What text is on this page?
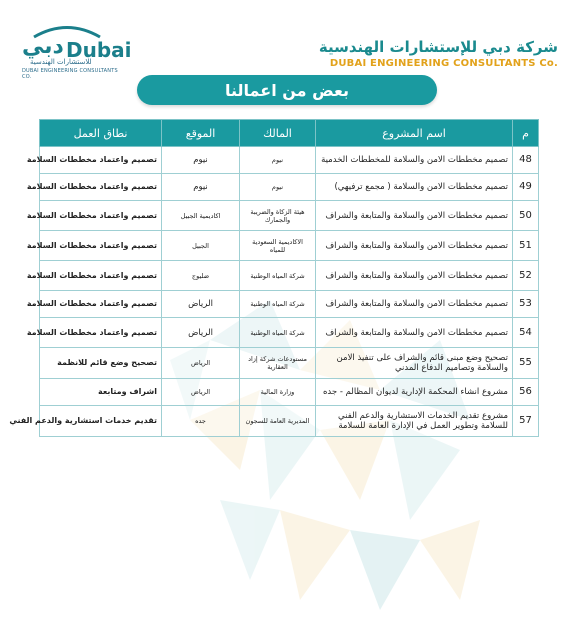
دبي Dubai
للاستشارات الهندسية
DUBAI ENGINEERING CONSULTANTS CO.
شركة دبي للإستشارات الهندسية
DUBAI ENGINEERING CONSULTANTS Co.
بعض من اعمالنا
م	اسم المشروع	المالك	الموقع	نطاق العمل
48	تصميم مخططات الامن والسلامة للمخططات الخدمية	نيوم	نيوم	تصميم واعتماد مخططات السلامة
49	تصميم مخططات الامن والسلامة ( مجمع ترفيهي)	نيوم	نيوم	تصميم واعتماد مخططات السلامة
50	تصميم مخططات الامن والسلامة والمتابعة والشراف	هيئة الزكاة والضريبة والجمارك	اكاديمية الجبيل	تصميم واعتماد مخططات السلامة
51	تصميم مخططات الامن والسلامة والمتابعة والشراف	الاكاديمية السعودية للمياه	الجبيل	تصميم واعتماد مخططات السلامة
52	تصميم مخططات الامن والسلامة والمتابعة والشراف	شركة المياه الوطنية	ضليوج	تصميم واعتماد مخططات السلامة
53	تصميم مخططات الامن والسلامة والمتابعة والشراف	شركة المياه الوطنية	الرياض	تصميم واعتماد مخططات السلامة
54	تصميم مخططات الامن والسلامة والمتابعة والشراف	شركة المياه الوطنية	الرياض	تصميم واعتماد مخططات السلامة
55	تصحيح وضع مبنى قائم والشراف على تنفيذ الامن والسلامة وتصاميم الدفاع المدني	مستودعات شركة إزاد العقارية	الرياض	تصحيح وضع قائم للانظمة
56	مشروع انشاء المحكمة الإدارية لديوان المظالم - جده	وزارة المالية	الرياض	اشراف ومتابعة
57	مشروع تقديم الخدمات الاستشارية والدعم الفني للسلامة وتطوير العمل في الإدارة العامة للسلامة	المديرية العامة للسجون	جده	تقديم خدمات استشارية والدعم الفني
